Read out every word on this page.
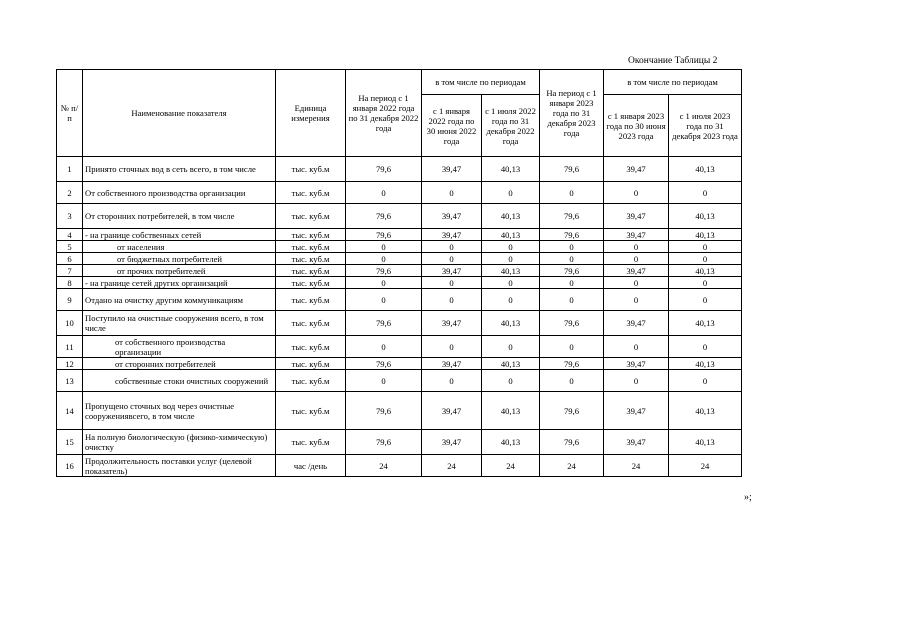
Окончание Таблицы 2
№ п/п	Наименование показателя	Единица измерения	На период с 1 января 2022 года по 31 декабря 2022 года	в том числе по периодам		На период с 1 января 2023 года по 31 декабря 2023 года	в том числе по периодам	
				с 1 января 2022 года по 30 июня 2022 года	с 1 июля 2022 года по 31 декабря 2022 года		с 1 января 2023 года по 30 июня 2023 года	с 1 июля 2023 года по 31 декабря 2023 года
1	Принято сточных вод в сеть всего, в том числе	тыс. куб.м	79,6	39,47	40,13	79,6	39,47	40,13
2	От собственного производства организации	тыс. куб.м	0	0	0	0	0	0
3	От сторонних потребителей, в том числе	тыс. куб.м	79,6	39,47	40,13	79,6	39,47	40,13
4	- на границе собственных сетей	тыс. куб.м	79,6	39,47	40,13	79,6	39,47	40,13
5	от населения	тыс. куб.м	0	0	0	0	0	0
6	от бюджетных потребителей	тыс. куб.м	0	0	0	0	0	0
7	от прочих потребителей	тыс. куб.м	79,6	39,47	40,13	79,6	39,47	40,13
8	- на границе сетей других организаций	тыс. куб.м	0	0	0	0	0	0
9	Отдано на очистку другим коммуникациям	тыс. куб.м	0	0	0	0	0	0
10	Поступило на очистные сооружения всего, в том числе	тыс. куб.м	79,6	39,47	40,13	79,6	39,47	40,13
11	от собственного производства организации	тыс. куб.м	0	0	0	0	0	0
12	от сторонних потребителей	тыс. куб.м	79,6	39,47	40,13	79,6	39,47	40,13
13	собственные стоки очистных сооружений	тыс. куб.м	0	0	0	0	0	0
14	Пропущено сточных вод через очистные сооружениявсего, в том числе	тыс. куб.м	79,6	39,47	40,13	79,6	39,47	40,13
15	На полную биологическую (физико-химическую) очистку	тыс. куб.м	79,6	39,47	40,13	79,6	39,47	40,13
16	Продолжительность поставки услуг (целевой показатель)	час /день	24	24	24	24	24	24
»;
